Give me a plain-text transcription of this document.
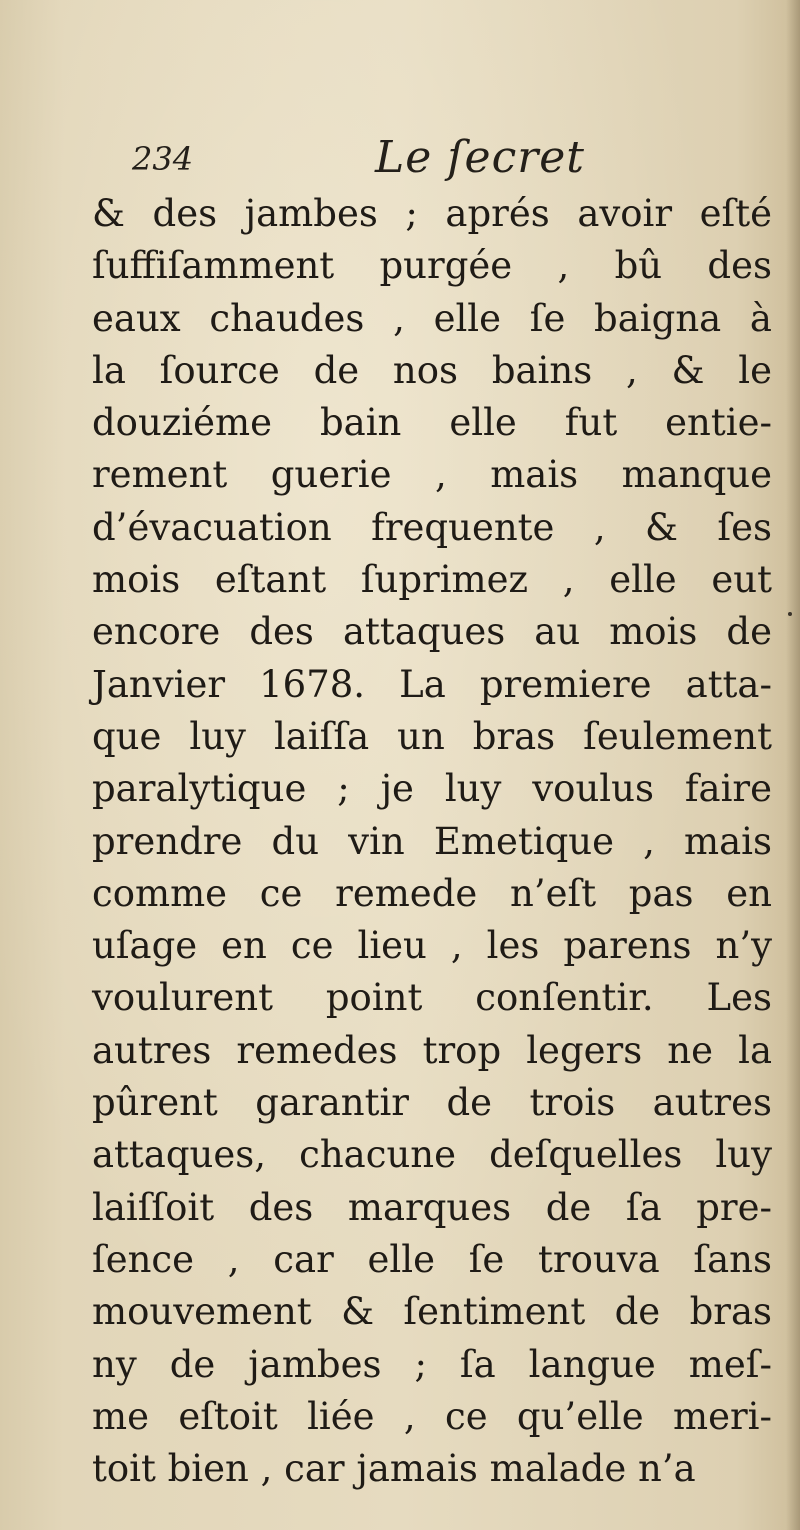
234	Le ſecret
& des jambes ; aprés avoir eſté
ſuffiſamment purgée , bû des
eaux chaudes , elle ſe baigna à
la ſource de nos bains , & le
douziéme bain elle fut entie-
rement guerie , mais manque
d’évacuation frequente , & ſes
mois eſtant ſuprimez , elle eut
encore des attaques au mois de
Janvier 1678. La premiere atta-
que luy laiſſa un bras ſeulement
paralytique ; je luy voulus faire
prendre du vin Emetique , mais
comme ce remede n’eſt pas en
uſage en ce lieu , les parens n’y
voulurent point conſentir. Les
autres remedes trop legers ne la
pûrent garantir de trois autres
attaques, chacune deſquelles luy
laiſſoit des marques de ſa pre-
ſence , car elle ſe trouva ſans
mouvement & ſentiment de bras
ny de jambes ; ſa langue meſ-
me eſtoit liée , ce qu’elle meri-
toit bien , car jamais malade n’a
